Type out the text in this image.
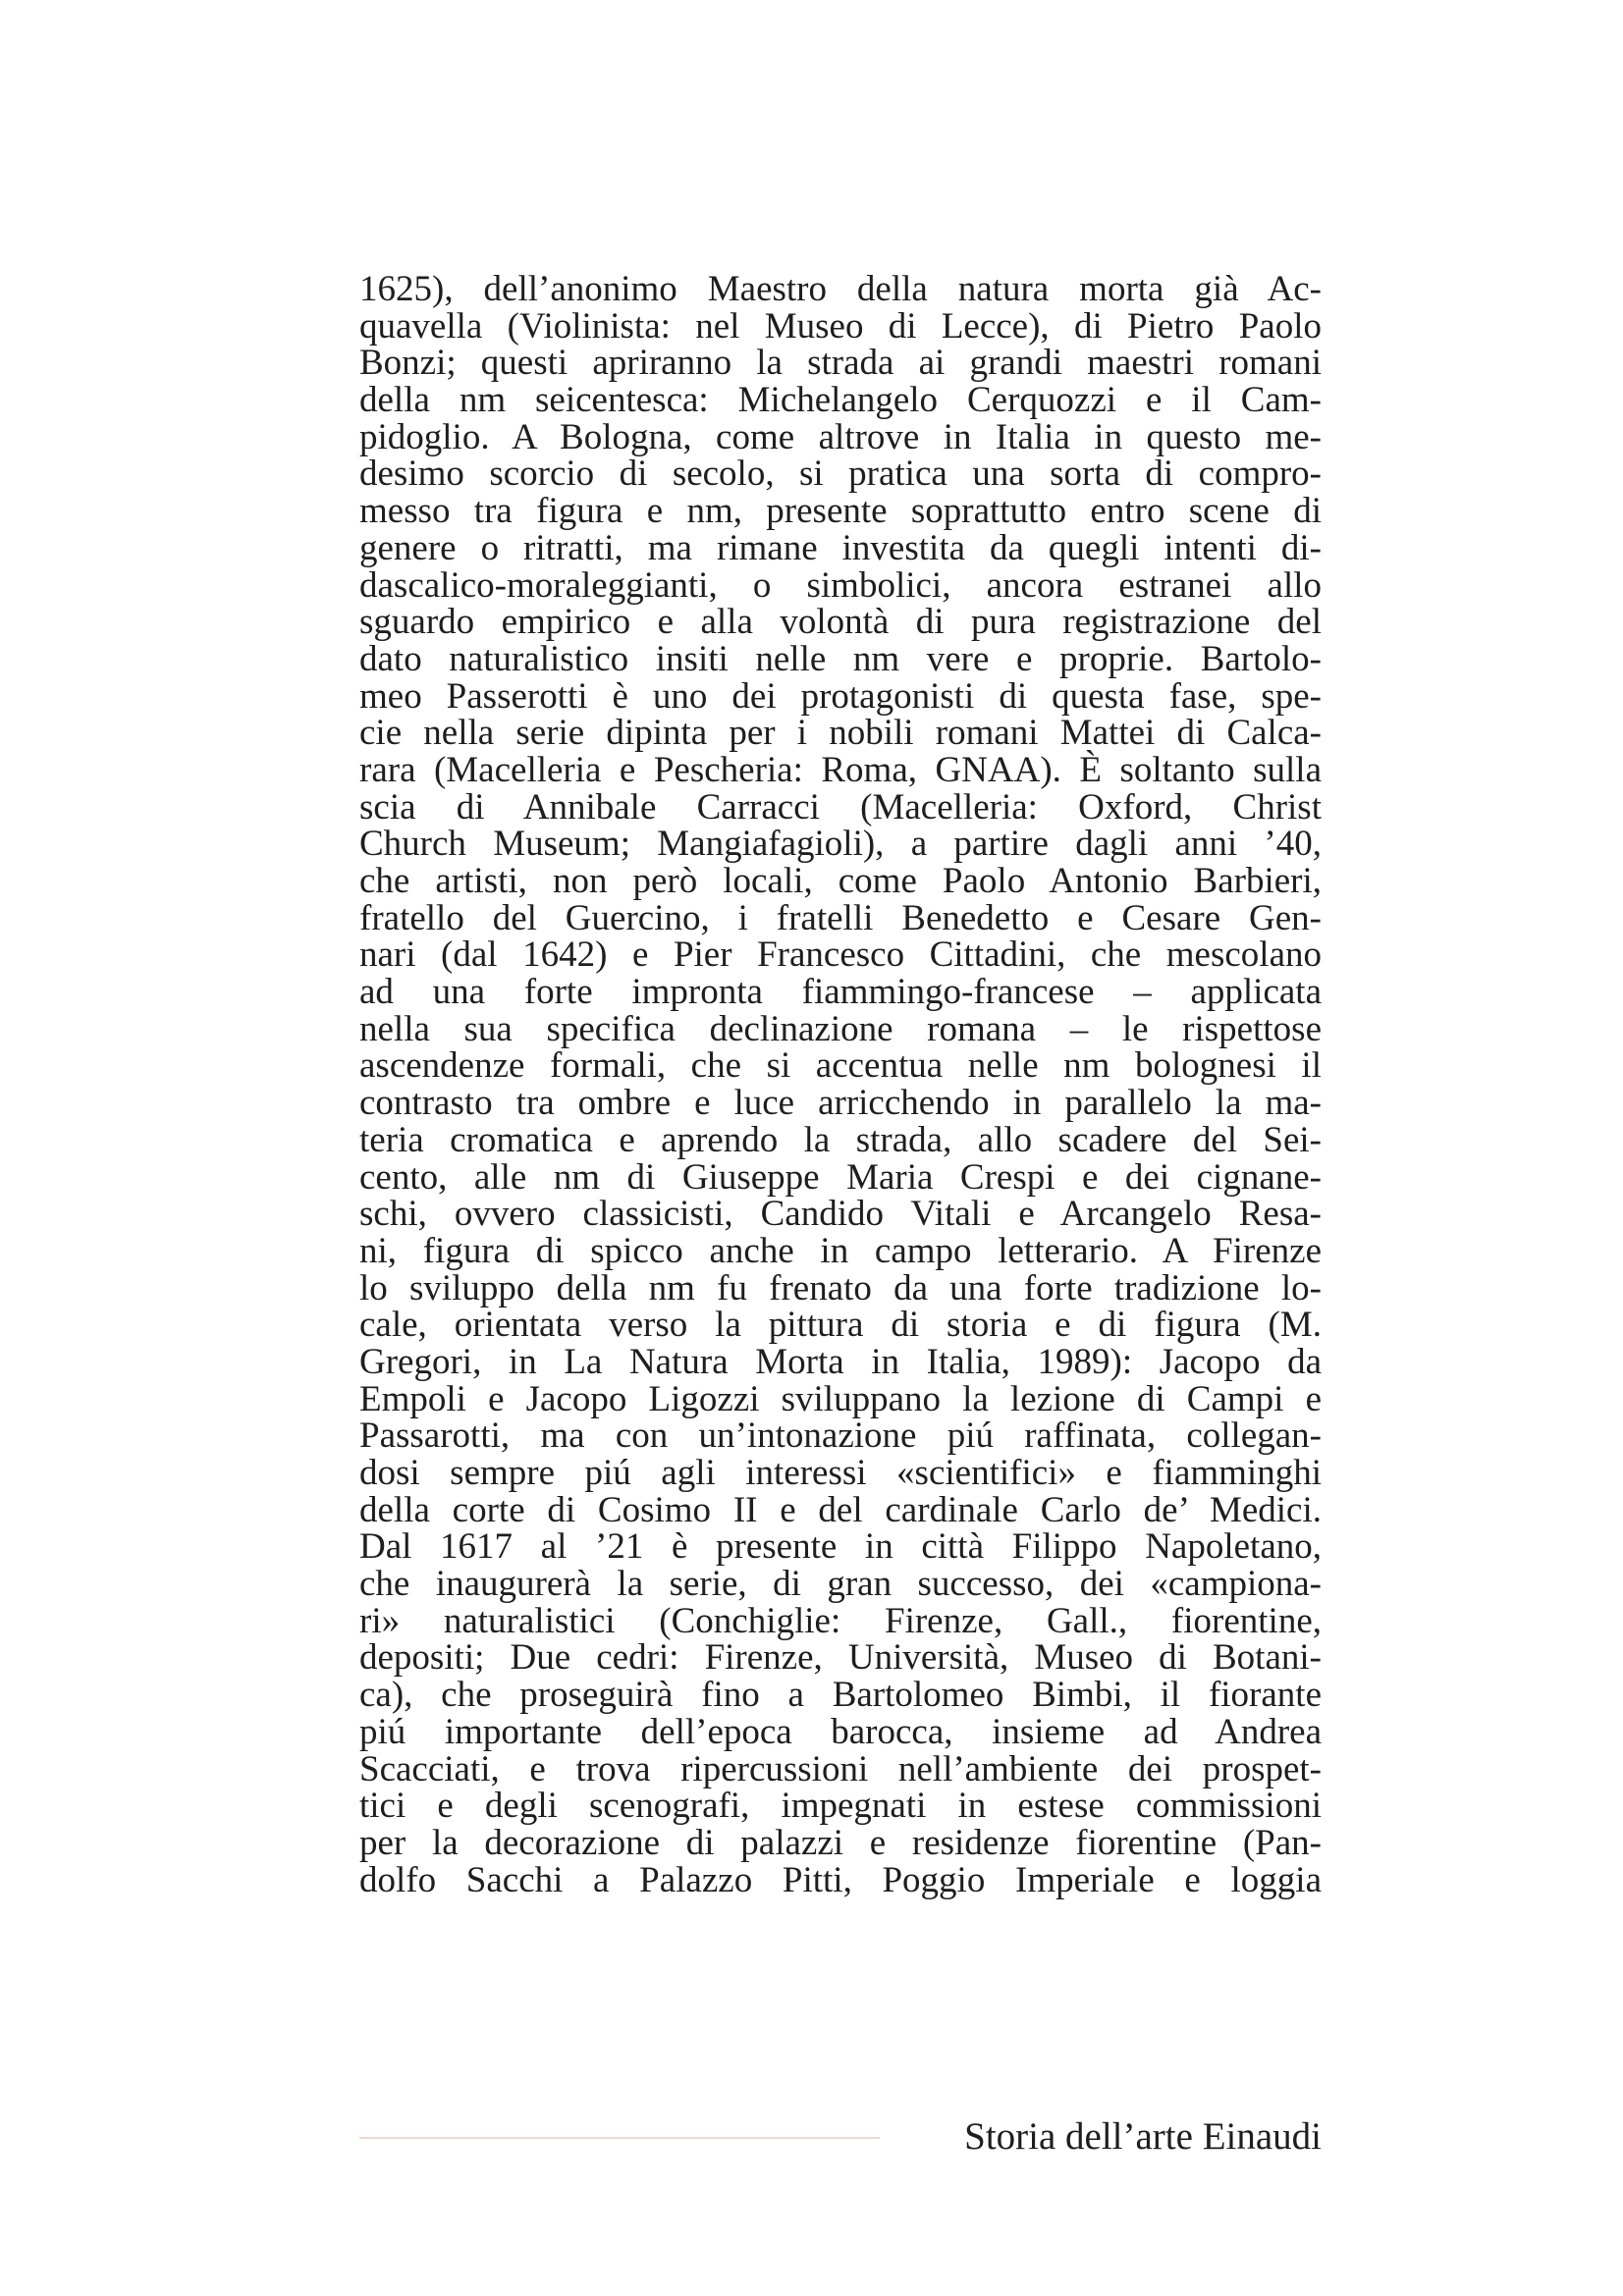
1625), dell’anonimo Maestro della natura morta già Ac-
quavella (Violinista: nel Museo di Lecce), di Pietro Paolo
Bonzi; questi apriranno la strada ai grandi maestri romani
della nm seicentesca: Michelangelo Cerquozzi e il Cam-
pidoglio. A Bologna, come altrove in Italia in questo me-
desimo scorcio di secolo, si pratica una sorta di compro-
messo tra figura e nm, presente soprattutto entro scene di
genere o ritratti, ma rimane investita da quegli intenti di-
dascalico-moraleggianti, o simbolici, ancora estranei allo
sguardo empirico e alla volontà di pura registrazione del
dato naturalistico insiti nelle nm vere e proprie. Bartolo-
meo Passerotti è uno dei protagonisti di questa fase, spe-
cie nella serie dipinta per i nobili romani Mattei di Calca-
rara (Macelleria e Pescheria: Roma, GNAA). È soltanto sulla
scia di Annibale Carracci (Macelleria: Oxford, Christ
Church Museum; Mangiafagioli), a partire dagli anni ’40,
che artisti, non però locali, come Paolo Antonio Barbieri,
fratello del Guercino, i fratelli Benedetto e Cesare Gen-
nari (dal 1642) e Pier Francesco Cittadini, che mescolano
ad una forte impronta fiammingo-francese – applicata
nella sua specifica declinazione romana – le rispettose
ascendenze formali, che si accentua nelle nm bolognesi il
contrasto tra ombre e luce arricchendo in parallelo la ma-
teria cromatica e aprendo la strada, allo scadere del Sei-
cento, alle nm di Giuseppe Maria Crespi e dei cignane-
schi, ovvero classicisti, Candido Vitali e Arcangelo Resa-
ni, figura di spicco anche in campo letterario. A Firenze
lo sviluppo della nm fu frenato da una forte tradizione lo-
cale, orientata verso la pittura di storia e di figura (M.
Gregori, in La Natura Morta in Italia, 1989): Jacopo da
Empoli e Jacopo Ligozzi sviluppano la lezione di Campi e
Passarotti, ma con un’intonazione piú raffinata, collegan-
dosi sempre piú agli interessi «scientifici» e fiamminghi
della corte di Cosimo II e del cardinale Carlo de’ Medici.
Dal 1617 al ’21 è presente in città Filippo Napoletano,
che inaugurerà la serie, di gran successo, dei «campiona-
ri» naturalistici (Conchiglie: Firenze, Gall., fiorentine,
depositi; Due cedri: Firenze, Università, Museo di Botani-
ca), che proseguirà fino a Bartolomeo Bimbi, il fiorante
piú importante dell’epoca barocca, insieme ad Andrea
Scacciati, e trova ripercussioni nell’ambiente dei prospet-
tici e degli scenografi, impegnati in estese commissioni
per la decorazione di palazzi e residenze fiorentine (Pan-
dolfo Sacchi a Palazzo Pitti, Poggio Imperiale e loggia
Storia dell’arte Einaudi
